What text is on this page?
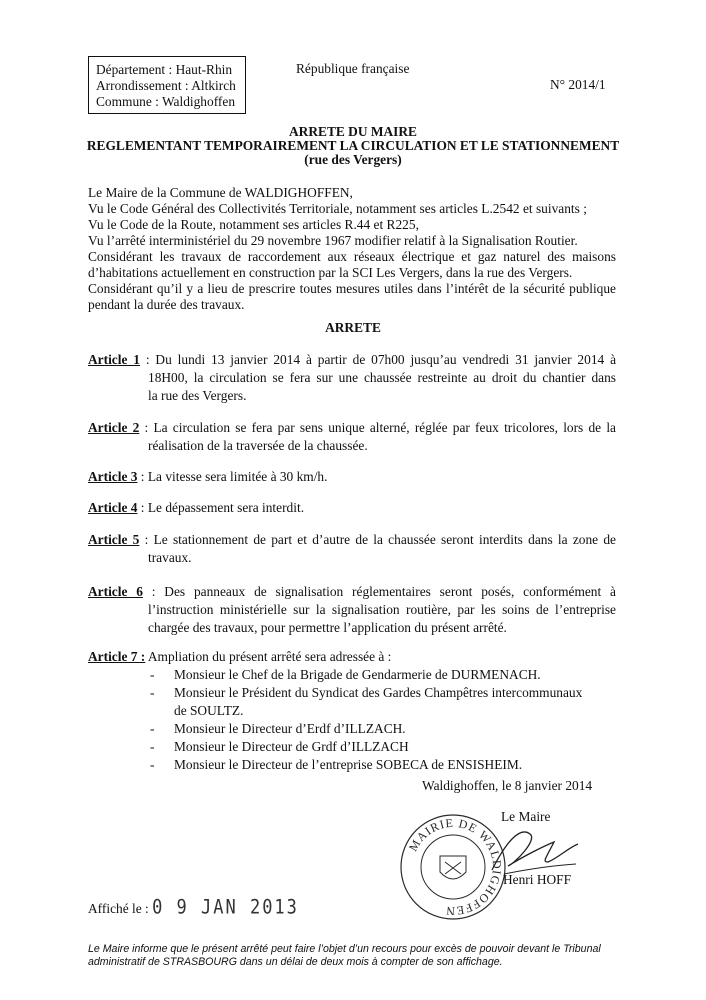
Département : Haut-Rhin
Arrondissement : Altkirch
Commune : Waldighoffen
République française
N° 2014/1
ARRETE DU MAIRE
REGLEMENTANT TEMPORAIREMENT LA CIRCULATION ET LE STATIONNEMENT
(rue des Vergers)
Le Maire de la Commune de WALDIGHOFFEN,
Vu le Code Général des Collectivités Territoriale, notamment ses articles L.2542 et suivants ;
Vu le Code de la Route, notamment ses articles R.44 et R225,
Vu l’arrêté interministériel du 29 novembre 1967 modifier relatif à la Signalisation Routier.
Considérant les travaux de raccordement aux réseaux électrique et gaz naturel des maisons
d’habitations actuellement en construction par la SCI Les Vergers, dans la rue des Vergers.
Considérant qu’il y a lieu de prescrire toutes mesures utiles dans l’intérêt de la sécurité publique
pendant la durée des travaux.
ARRETE
Article 1 : Du lundi 13 janvier 2014 à partir de 07h00 jusqu’au vendredi 31 janvier 2014 à
18H00, la circulation se fera sur une chaussée restreinte au droit du chantier dans
la rue des Vergers.
Article 2 : La circulation se fera par sens unique alterné, réglée par feux tricolores, lors de la
réalisation de la traversée de la chaussée.
Article 3 : La vitesse sera limitée à 30 km/h.
Article 4 : Le dépassement sera interdit.
Article 5 : Le stationnement de part et d’autre de la chaussée seront interdits dans la zone de
travaux.
Article 6 : Des panneaux de signalisation réglementaires seront posés, conformément à
l’instruction ministérielle sur la signalisation routière, par les soins de l’entreprise
chargée des travaux, pour permettre l’application du présent arrêté.
Article 7 : Ampliation du présent arrêté sera adressée à :
-	Monsieur le Chef de la Brigade de Gendarmerie de DURMENACH.
-	Monsieur le Président du Syndicat des Gardes Champêtres intercommunaux
de SOULTZ.
-	Monsieur le Directeur d’Erdf d’ILLZACH.
-	Monsieur le Directeur de Grdf d’ILLZACH
-	Monsieur le Directeur de l’entreprise SOBECA de ENSISHEIM.
Waldighoffen, le 8 janvier 2014
Le Maire
MAIRIE DE WALDIGHOFFEN
Henri HOFF
Affiché le : 0 9 JAN 2013
Le Maire informe que le présent arrêté peut faire l’objet d’un recours pour excès de pouvoir devant le Tribunal
administratif de STRASBOURG dans un délai de deux mois à compter de son affichage.
